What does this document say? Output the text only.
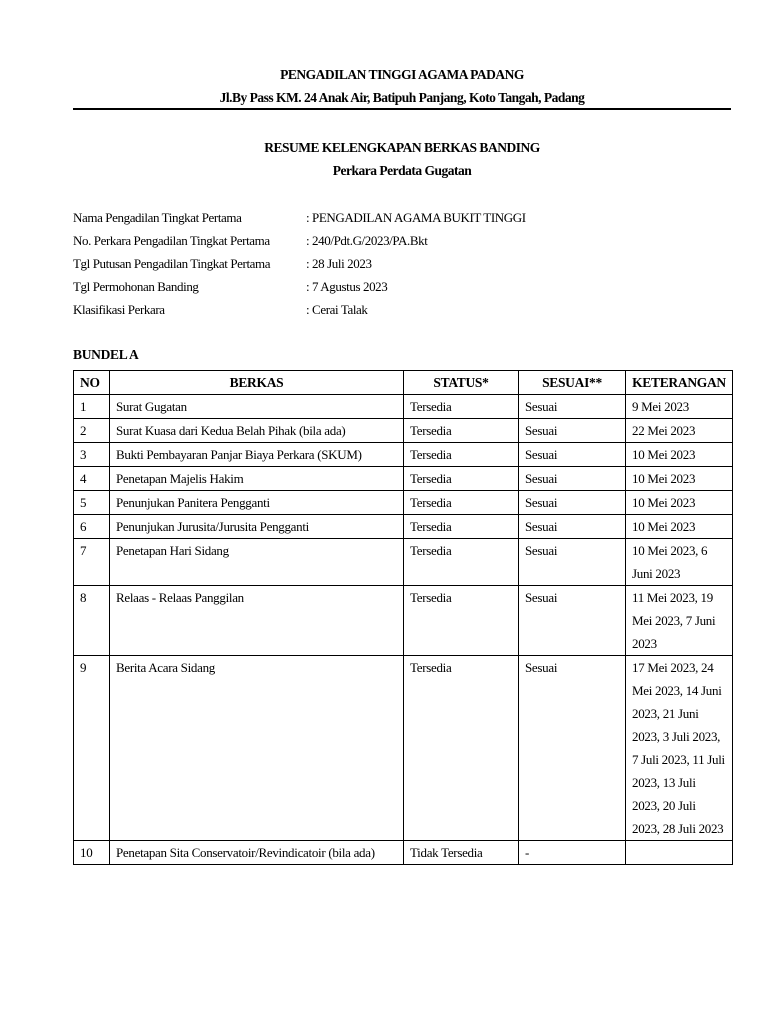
PENGADILAN TINGGI AGAMA PADANG
Jl.By Pass KM. 24 Anak Air, Batipuh Panjang, Koto Tangah, Padang
RESUME KELENGKAPAN BERKAS BANDING
Perkara Perdata Gugatan
Nama Pengadilan Tingkat Pertama	: PENGADILAN AGAMA BUKIT TINGGI
No. Perkara Pengadilan Tingkat Pertama	: 240/Pdt.G/2023/PA.Bkt
Tgl Putusan Pengadilan Tingkat Pertama	: 28 Juli 2023
Tgl Permohonan Banding	: 7 Agustus 2023
Klasifikasi Perkara	: Cerai Talak
BUNDEL A
NO	BERKAS	STATUS*	SESUAI**	KETERANGAN
1	Surat Gugatan	Tersedia	Sesuai	9 Mei 2023
2	Surat Kuasa dari Kedua Belah Pihak (bila ada)	Tersedia	Sesuai	22 Mei 2023
3	Bukti Pembayaran Panjar Biaya Perkara (SKUM)	Tersedia	Sesuai	10 Mei 2023
4	Penetapan Majelis Hakim	Tersedia	Sesuai	10 Mei 2023
5	Penunjukan Panitera Pengganti	Tersedia	Sesuai	10 Mei 2023
6	Penunjukan Jurusita/Jurusita Pengganti	Tersedia	Sesuai	10 Mei 2023
7	Penetapan Hari Sidang	Tersedia	Sesuai	10 Mei 2023, 6 Juni 2023
8	Relaas - Relaas Panggilan	Tersedia	Sesuai	11 Mei 2023, 19 Mei 2023, 7 Juni 2023
9	Berita Acara Sidang	Tersedia	Sesuai	17 Mei 2023, 24 Mei 2023, 14 Juni 2023, 21 Juni 2023, 3 Juli 2023, 7 Juli 2023, 11 Juli 2023, 13 Juli 2023, 20 Juli 2023, 28 Juli 2023
10	Penetapan Sita Conservatoir/Revindicatoir (bila ada)	Tidak Tersedia	-	
